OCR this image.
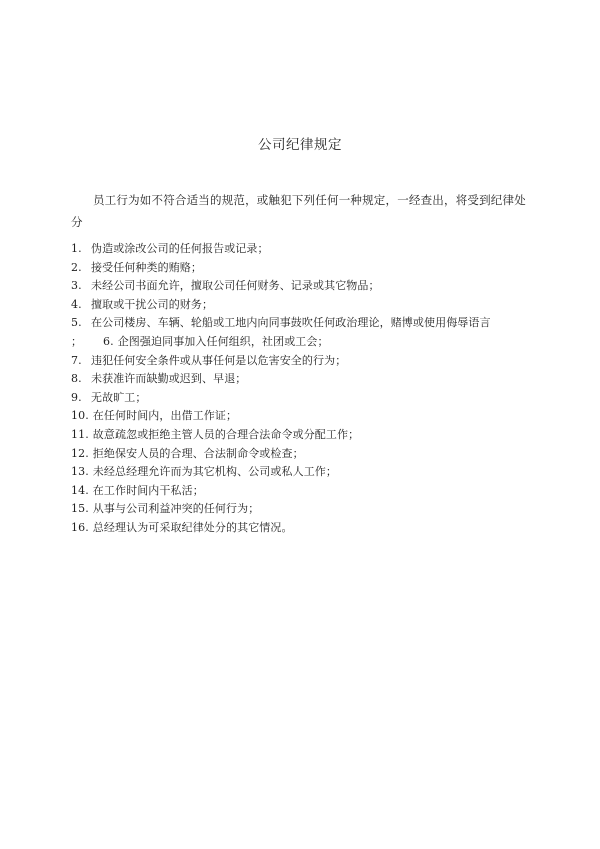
公司纪律规定
员工行为如不符合适当的规范，或触犯下列任何一种规定，一经查出，将受到纪律处分
1. 伪造或涂改公司的任何报告或记录；
2. 接受任何种类的贿赂；
3. 未经公司书面允许，擅取公司任何财务、记录或其它物品；
4. 擅取或干扰公司的财务；
5. 在公司楼房、车辆、轮船或工地内向同事鼓吹任何政治理论，赌博或使用侮辱语言
； 6. 企图强迫同事加入任何组织，社团或工会；
7. 违犯任何安全条件或从事任何是以危害安全的行为；
8. 未获准许而缺勤或迟到、早退；
9. 无故旷工；
10. 在任何时间内，出借工作证；
11. 故意疏忽或拒绝主管人员的合理合法命令或分配工作；
12. 拒绝保安人员的合理、合法制命令或检查；
13. 未经总经理允许而为其它机构、公司或私人工作；
14. 在工作时间内干私活；
15. 从事与公司利益冲突的任何行为；
16. 总经理认为可采取纪律处分的其它情况。
